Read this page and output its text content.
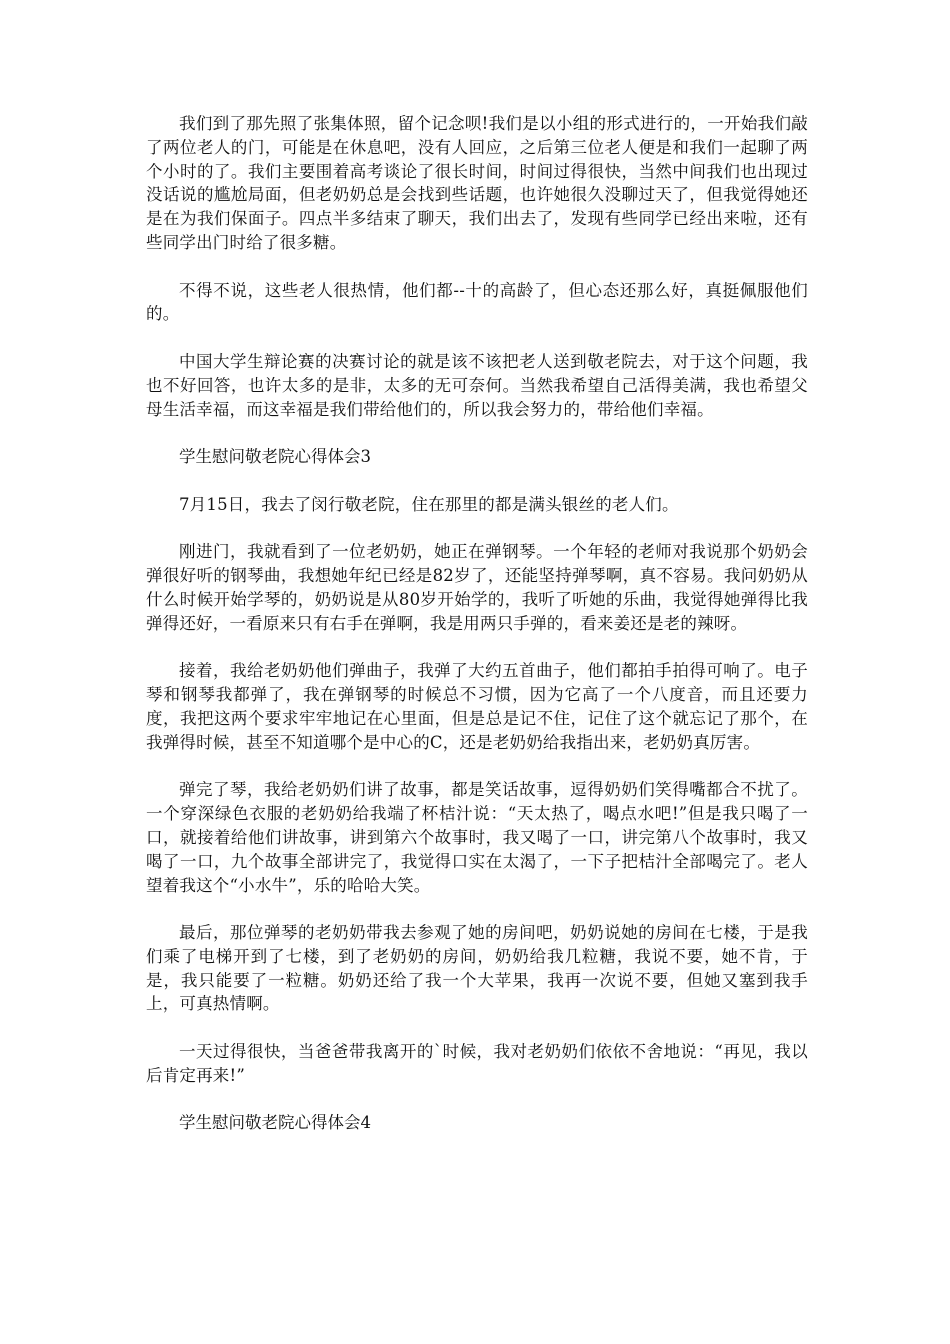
我们到了那先照了张集体照，留个记念呗!我们是以小组的形式进行的，一开始我们敲了两位老人的门，可能是在休息吧，没有人回应，之后第三位老人便是和我们一起聊了两个小时的了。我们主要围着高考谈论了很长时间，时间过得很快，当然中间我们也出现过没话说的尴尬局面，但老奶奶总是会找到些话题，也许她很久没聊过天了，但我觉得她还是在为我们保面子。四点半多结束了聊天，我们出去了，发现有些同学已经出来啦，还有些同学出门时给了很多糖。

不得不说，这些老人很热情，他们都--十的高龄了，但心态还那么好，真挺佩服他们的。

中国大学生辩论赛的决赛讨论的就是该不该把老人送到敬老院去，对于这个问题，我也不好回答，也许太多的是非，太多的无可奈何。当然我希望自己活得美满，我也希望父母生活幸福，而这幸福是我们带给他们的，所以我会努力的，带给他们幸福。

学生慰问敬老院心得体会3

7月15日，我去了闵行敬老院，住在那里的都是满头银丝的老人们。

刚进门，我就看到了一位老奶奶，她正在弹钢琴。一个年轻的老师对我说那个奶奶会弹很好听的钢琴曲，我想她年纪已经是82岁了，还能坚持弹琴啊，真不容易。我问奶奶从什么时候开始学琴的，奶奶说是从80岁开始学的，我听了听她的乐曲，我觉得她弹得比我弹得还好，一看原来只有右手在弹啊，我是用两只手弹的，看来姜还是老的辣呀。

接着，我给老奶奶他们弹曲子，我弹了大约五首曲子，他们都拍手拍得可响了。电子琴和钢琴我都弹了，我在弹钢琴的时候总不习惯，因为它高了一个八度音，而且还要力度，我把这两个要求牢牢地记在心里面，但是总是记不住，记住了这个就忘记了那个，在我弹得时候，甚至不知道哪个是中心的C，还是老奶奶给我指出来，老奶奶真厉害。

弹完了琴，我给老奶奶们讲了故事，都是笑话故事，逗得奶奶们笑得嘴都合不扰了。一个穿深绿色衣服的老奶奶给我端了杯桔汁说：“天太热了，喝点水吧!”但是我只喝了一口，就接着给他们讲故事，讲到第六个故事时，我又喝了一口，讲完第八个故事时，我又喝了一口，九个故事全部讲完了，我觉得口实在太渴了，一下子把桔汁全部喝完了。老人望着我这个“小水牛”，乐的哈哈大笑。

最后，那位弹琴的老奶奶带我去参观了她的房间吧，奶奶说她的房间在七楼，于是我们乘了电梯开到了七楼，到了老奶奶的房间，奶奶给我几粒糖，我说不要，她不肯，于是，我只能要了一粒糖。奶奶还给了我一个大苹果，我再一次说不要，但她又塞到我手上，可真热情啊。

一天过得很快，当爸爸带我离开的`时候，我对老奶奶们依依不舍地说：“再见，我以后肯定再来!”

学生慰问敬老院心得体会4
